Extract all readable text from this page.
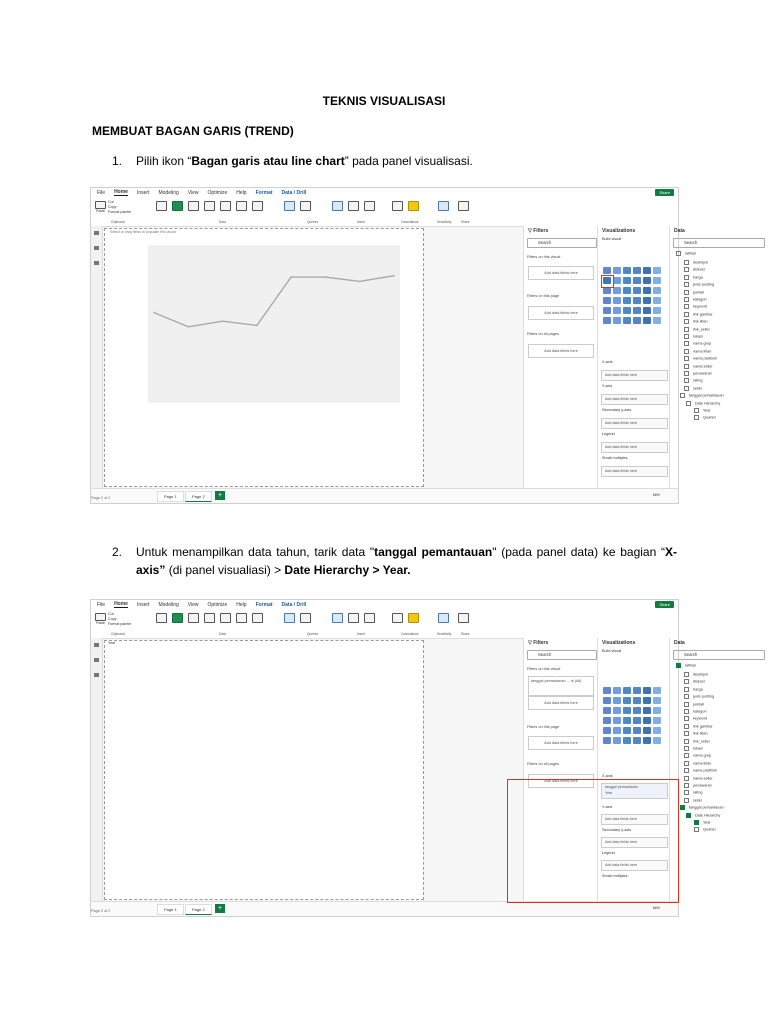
TEKNIS VISUALISASI
MEMBUAT BAGAN GARIS (TREND)
1. Pilih ikon “Bagan garis atau line chart” pada panel visualisasi.
2. Untuk menampilkan data tahun, tarik data "tanggal pemantauan" (pada panel data) ke bagian “X-axis” (di panel visualiasi) > Date Hierarchy > Year.
File Home Insert Modeling View Optimize Help Format Data / Drill	Share
Paste
Cut
Copy
Format painter
Clipboard	Data	Queries	Insert	Calculations	Sensitivity	Share
Select or drag fields to populate this visual	▽ Filters
Search
Filters on this visual
Add data fields here
Filters on this page
Add data fields here
Filters on all pages
Add data fields here
Visualizations
Build visual
X-axis
Add data fields here
Y-axis
Add data fields here
Secondary y-axis
Add data fields here
Legend
Add data fields here
Small multiples
Add data fields here
Data
Search
latihan
deskripsi
diskusi
harga
jenis posting
jumlah
kategori
keyword
link gambar
link iklan
link_seller
lokasi
nama grup
nama iklan
nama platform
nama seller
penawaran
rating
seller
tanggal pemantauan
Date Hierarchy
Year
Quarter
Page 1	Page 2	+	66%
Page 2 of 2
File Home Insert Modeling View Optimize Help Format Data / Drill	Share
Paste
Cut
Copy
Format painter
Clipboard	Data	Queries	Insert	Calculations	Sensitivity	Share
Year	▽ Filters
Search
Filters on this visual
tanggal pemantauan ... is (All)
Add data fields here
Filters on this page
Add data fields here
Filters on all pages
Add data fields here
Visualizations
Build visual
X-axis
tanggal pemantauan
Year
Y-axis
Add data fields here
Secondary y-axis
Add data fields here
Legend
Add data fields here
Small multiples
Data
Search
latihan
deskripsi
diskusi
harga
jenis posting
jumlah
kategori
keyword
link gambar
link iklan
link_seller
lokasi
nama grup
nama iklan
nama platform
nama seller
penawaran
rating
seller
tanggal pemantauan
Date Hierarchy
Year
Quarter
Page 1	Page 2	+	66%
Page 2 of 2
